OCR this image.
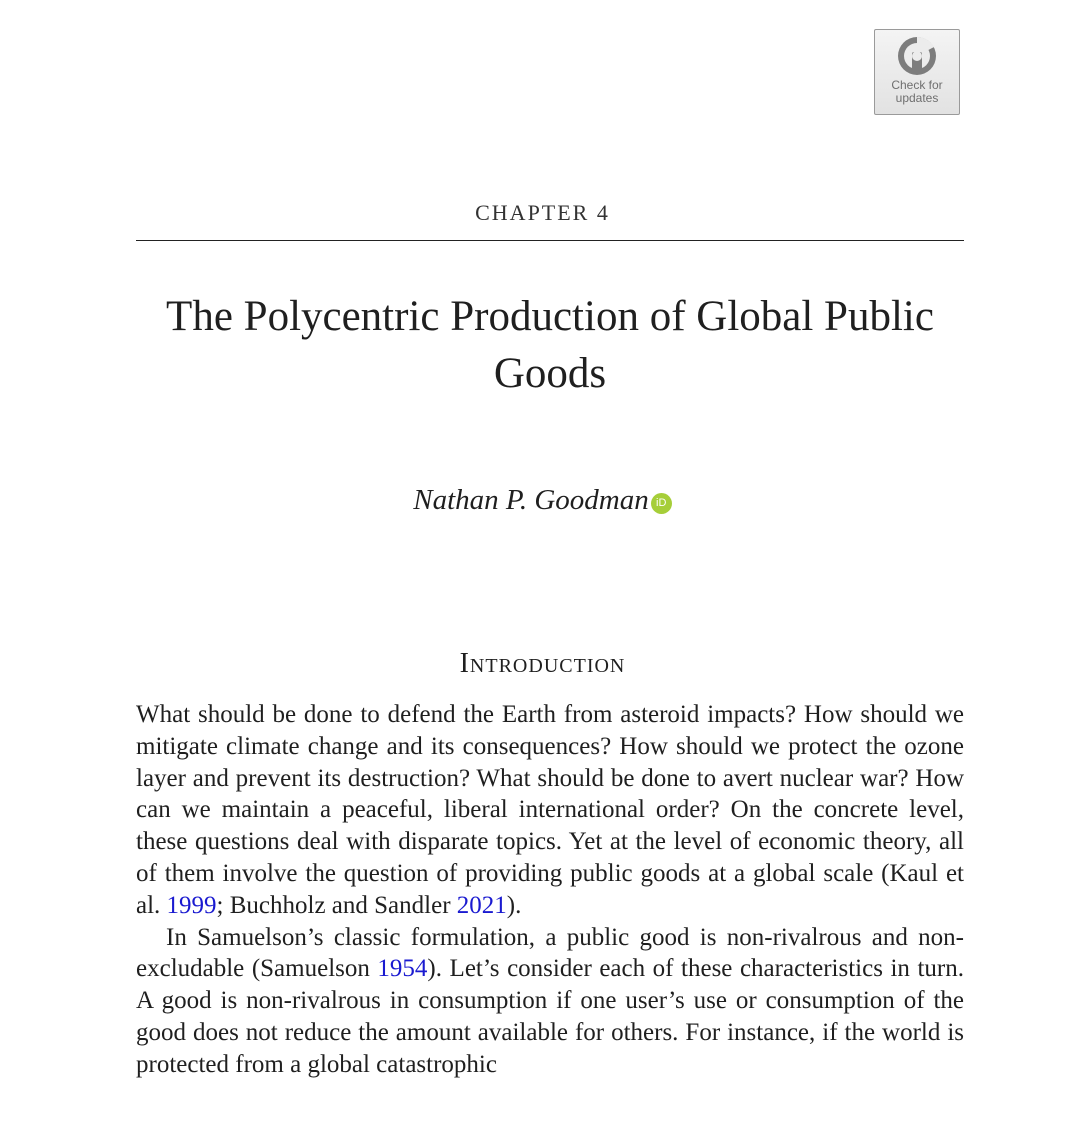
Check for
updates
CHAPTER 4
The Polycentric Production of Global Public Goods
Nathan P. Goodman iD
Introduction

What should be done to defend the Earth from asteroid impacts? How should we mitigate climate change and its consequences? How should we protect the ozone layer and prevent its destruction? What should be done to avert nuclear war? How can we maintain a peaceful, liberal international order? On the concrete level, these questions deal with disparate topics. Yet at the level of economic theory, all of them involve the question of providing public goods at a global scale (Kaul et al. 1999; Buchholz and Sandler 2021).

In Samuelson’s classic formulation, a public good is non-rivalrous and non-excludable (Samuelson 1954). Let’s consider each of these characteristics in turn. A good is non-rivalrous in consumption if one user’s use or consumption of the good does not reduce the amount available for others. For instance, if the world is protected from a global catastrophic
